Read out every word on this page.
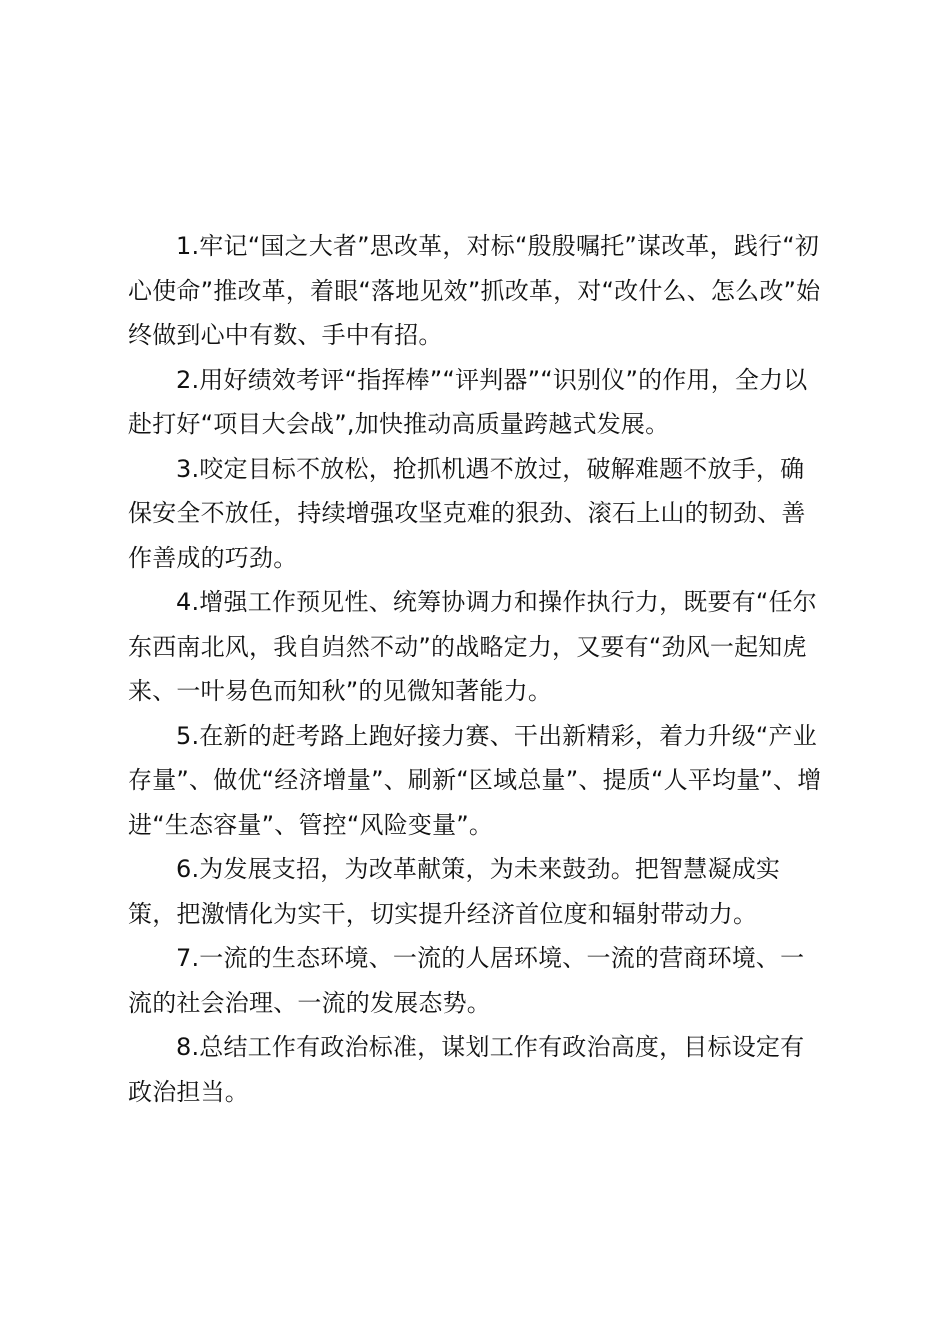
1.牢记“国之大者”思改革，对标“殷殷嘱托”谋改革，践行“初心使命”推改革，着眼“落地见效”抓改革，对“改什么、怎么改”始终做到心中有数、手中有招。

2.用好绩效考评“指挥棒”“评判器”“识别仪”的作用，全力以赴打好“项目大会战”,加快推动高质量跨越式发展。

3.咬定目标不放松，抢抓机遇不放过，破解难题不放手，确保安全不放任，持续增强攻坚克难的狠劲、滚石上山的韧劲、善作善成的巧劲。

4.增强工作预见性、统筹协调力和操作执行力，既要有“任尔东西南北风，我自岿然不动”的战略定力，又要有“劲风一起知虎来、一叶易色而知秋”的见微知著能力。

5.在新的赶考路上跑好接力赛、干出新精彩，着力升级“产业存量”、做优“经济增量”、刷新“区域总量”、提质“人平均量”、增进“生态容量”、管控“风险变量”。

6.为发展支招，为改革献策，为未来鼓劲。把智慧凝成实策，把激情化为实干，切实提升经济首位度和辐射带动力。

7.一流的生态环境、一流的人居环境、一流的营商环境、一流的社会治理、一流的发展态势。

8.总结工作有政治标准，谋划工作有政治高度，目标设定有政治担当。
